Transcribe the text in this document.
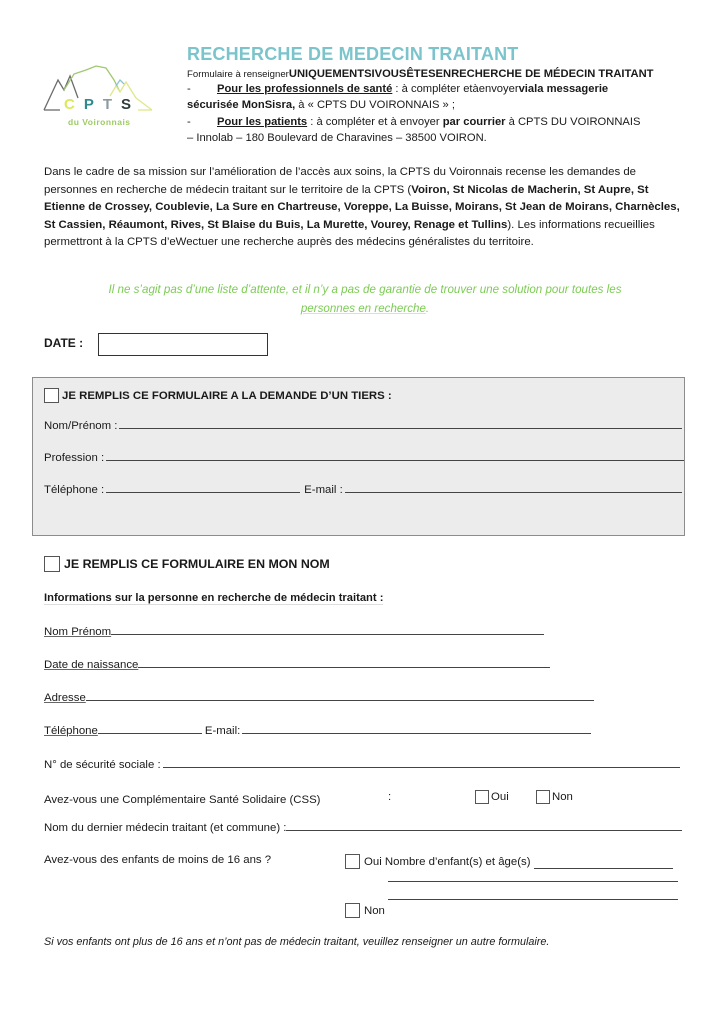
CPTS
du Voironnais
RECHERCHE DE MEDECIN TRAITANT
Formulaire à renseignerUNIQUEMENTSIVOUSÊTESENRECHERCHE DE MÉDECIN TRAITANT
- Pour les professionnels de santé : à compléter etàenvoyerviala messagerie
sécurisée MonSisra, à « CPTS DU VOIRONNAIS » ;
- Pour les patients : à compléter et à envoyer par courrier à CPTS DU VOIRONNAIS
– Innolab – 180 Boulevard de Charavines – 38500 VOIRON.
Dans le cadre de sa mission sur l’amélioration de l’accès aux soins, la CPTS du Voironnais recense les demandes de personnes en recherche de médecin traitant sur le territoire de la CPTS (Voiron, St Nicolas de Macherin, St Aupre, St Etienne de Crossey, Coublevie, La Sure en Chartreuse, Voreppe, La Buisse, Moirans, St Jean de Moirans, Charnècles, St Cassien, Réaumont, Rives, St Blaise du Buis, La Murette, Vourey, Renage et Tullins). Les informations recueillies permettront à la CPTS d’eWectuer une recherche auprès des médecins généralistes du territoire.
Il ne s’agit pas d’une liste d’attente, et il n’y a pas de garantie de trouver une solution pour toutes les
personnes en recherche.
DATE :
JE REMPLIS CE FORMULAIRE A LA DEMANDE D’UN TIERS :
Nom/Prénom :
Profession :
Téléphone :	E-mail :
JE REMPLIS CE FORMULAIRE EN MON NOM
Informations sur la personne en recherche de médecin traitant :
Nom Prénom
Date de naissance
Adresse
Téléphone	E-mail:
N° de sécurité sociale :
Avez-vous une Complémentaire Santé Solidaire (CSS)	:	Oui	Non
Nom du dernier médecin traitant (et commune) :
Avez-vous des enfants de moins de 16 ans ?	Oui Nombre d’enfant(s) et âge(s)
Non
Si vos enfants ont plus de 16 ans et n’ont pas de médecin traitant, veuillez renseigner un autre formulaire.
